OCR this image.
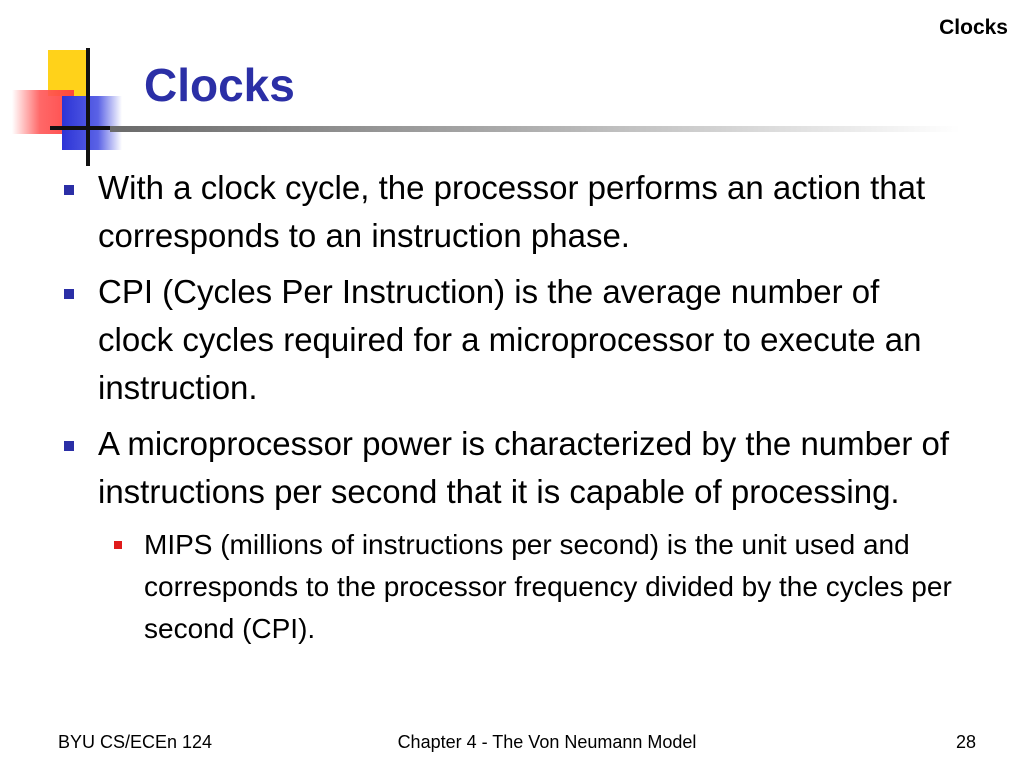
Clocks
Clocks
With a clock cycle, the processor performs an action that corresponds to an instruction phase.
CPI (Cycles Per Instruction) is the average number of clock cycles required for a microprocessor to execute an instruction.
A microprocessor power is characterized by the number of instructions per second that it is capable of processing.
MIPS (millions of instructions per second) is the unit used and corresponds to the processor frequency divided by the cycles per second (CPI).
BYU CS/ECEn 124	Chapter 4 - The Von Neumann Model	28
